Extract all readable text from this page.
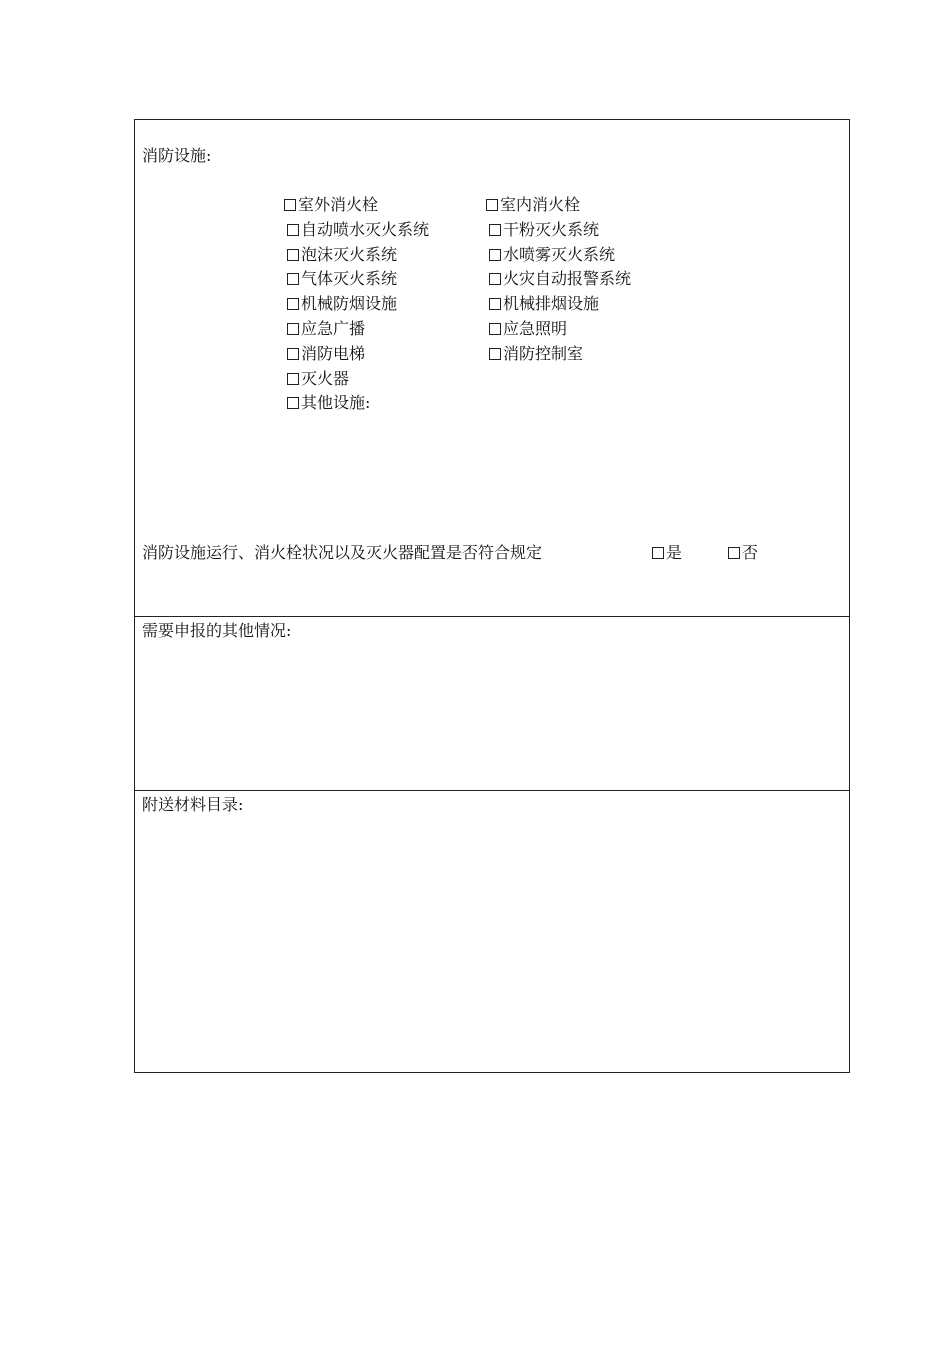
消防设施:
室外消火栓
自动喷水灭火系统
泡沫灭火系统
气体灭火系统
机械防烟设施
应急广播
消防电梯
灭火器
其他设施:
室内消火栓
干粉灭火系统
水喷雾灭火系统
火灾自动报警系统
机械排烟设施
应急照明
消防控制室
消防设施运行、消火栓状况以及灭火器配置是否符合规定	是	否
需要申报的其他情况:
附送材料目录:
